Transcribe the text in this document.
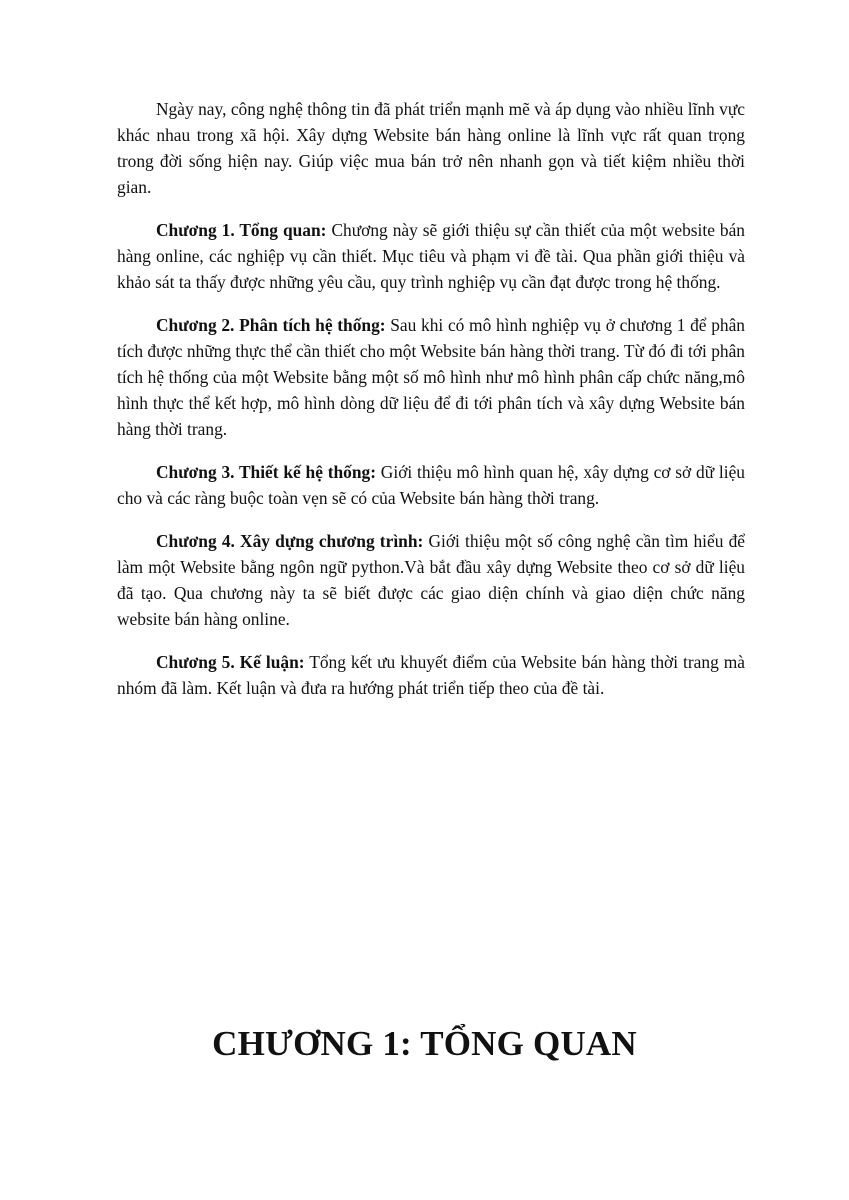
Ngày nay, công nghệ thông tin đã phát triển mạnh mẽ và áp dụng vào nhiều lĩnh vực khác nhau trong xã hội. Xây dựng Website bán hàng online là lĩnh vực rất quan trọng trong đời sống hiện nay. Giúp việc mua bán trở nên nhanh gọn và tiết kiệm nhiều thời gian.

Chương 1. Tổng quan: Chương này sẽ giới thiệu sự cần thiết của một website bán hàng online, các nghiệp vụ cần thiết. Mục tiêu và phạm vi đề tài. Qua phần giới thiệu và khảo sát ta thấy được những yêu cầu, quy trình nghiệp vụ cần đạt được trong hệ thống.

Chương 2. Phân tích hệ thống: Sau khi có mô hình nghiệp vụ ở chương 1 để phân tích được những thực thể cần thiết cho một Website bán hàng thời trang. Từ đó đi tới phân tích hệ thống của một Website bằng một số mô hình như mô hình phân cấp chức năng,mô hình thực thể kết hợp, mô hình dòng dữ liệu để đi tới phân tích và xây dựng Website bán hàng thời trang.

Chương 3. Thiết kế hệ thống: Giới thiệu mô hình quan hệ, xây dựng cơ sở dữ liệu cho và các ràng buộc toàn vẹn sẽ có của Website bán hàng thời trang.

Chương 4. Xây dựng chương trình: Giới thiệu một số công nghệ cần tìm hiểu để làm một Website bằng ngôn ngữ python.Và bắt đầu xây dựng Website theo cơ sở dữ liệu đã tạo. Qua chương này ta sẽ biết được các giao diện chính và giao diện chức năng website bán hàng online.

Chương 5. Kế luận: Tổng kết ưu khuyết điểm của Website bán hàng thời trang mà nhóm đã làm. Kết luận và đưa ra hướng phát triển tiếp theo của đề tài.

CHƯƠNG 1: TỔNG QUAN
